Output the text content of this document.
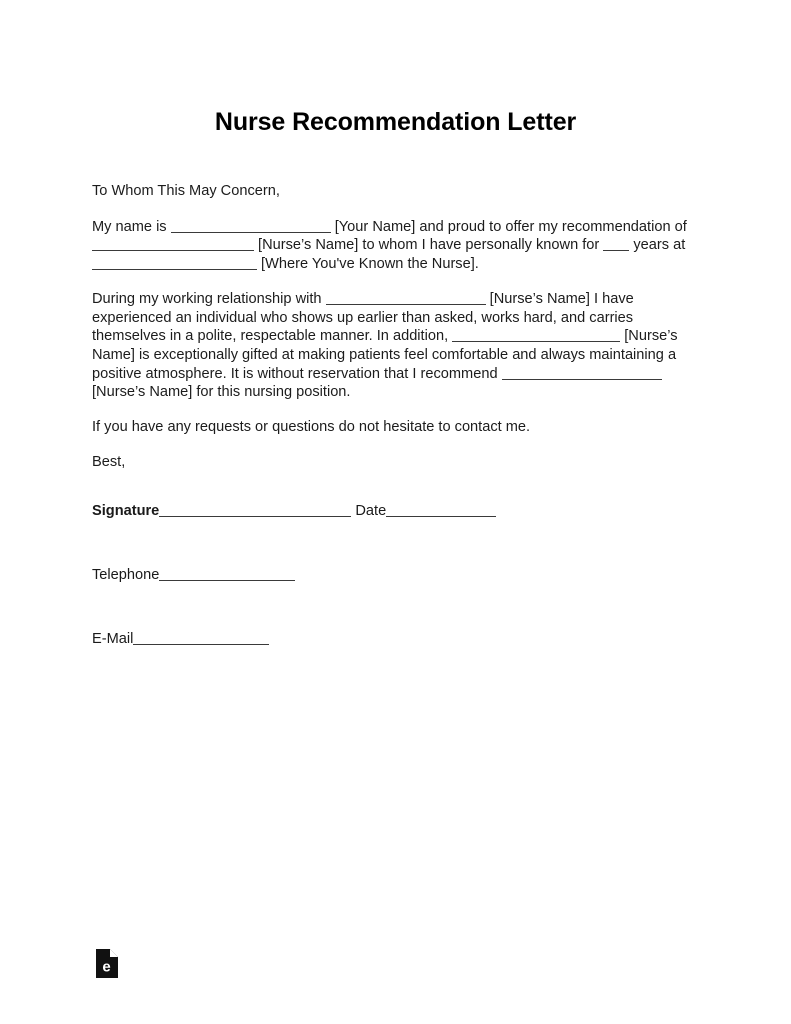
Nurse Recommendation Letter

To Whom This May Concern,

My name is	[Your Name] and proud to offer my recommendation of  [Nurse’s Name] to whom I have personally known for  years at  [Where You've Known the Nurse].

During my working relationship with	[Nurse’s Name] I have experienced an individual who shows up earlier than asked, works hard, and carries themselves in a polite, respectable manner. In addition,	[Nurse’s Name] is exceptionally gifted at making patients feel comfortable and always maintaining a positive atmosphere. It is without reservation that I recommend  [Nurse’s Name] for this nursing position.

If you have any requests or questions do not hesitate to contact me.

Best,

Signature	Date

Telephone

E-Mail

e
